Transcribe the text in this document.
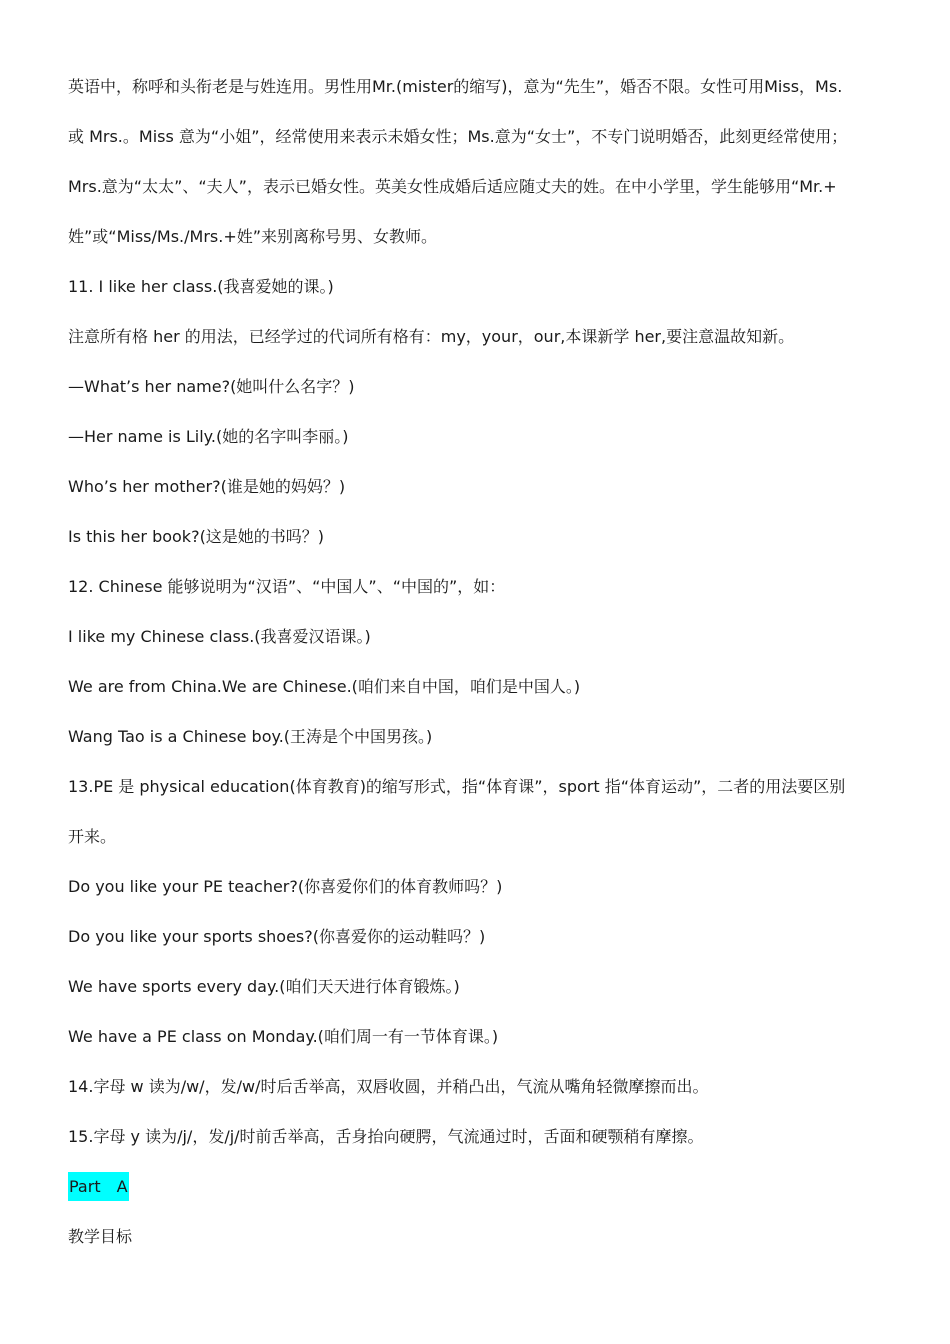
英语中，称呼和头衔老是与姓连用。男性用Mr.(mister的缩写)，意为“先生”，婚否不限。女性可用Miss，Ms.
或 Mrs.。Miss 意为“小姐”，经常使用来表示未婚女性；Ms.意为“女士”，不专门说明婚否，此刻更经常使用；
Mrs.意为“太太”、“夫人”，表示已婚女性。英美女性成婚后适应随丈夫的姓。在中小学里，学生能够用“Mr.+
姓”或“Miss/Ms./Mrs.+姓”来别离称号男、女教师。
11. I like her class.(我喜爱她的课。)
注意所有格 her 的用法，已经学过的代词所有格有：my，your，our,本课新学 her,要注意温故知新。
—What’s her name?(她叫什么名字？)
—Her name is Lily.(她的名字叫李丽。)
Who’s her mother?(谁是她的妈妈？)
Is this her book?(这是她的书吗？)
12. Chinese 能够说明为“汉语”、“中国人”、“中国的”，如：
I like my Chinese class.(我喜爱汉语课。)
We are from China.We are Chinese.(咱们来自中国，咱们是中国人。)
Wang Tao is a Chinese boy.(王涛是个中国男孩。)
13.PE 是 physical education(体育教育)的缩写形式，指“体育课”，sport 指“体育运动”，二者的用法要区别
开来。
Do you like your PE teacher?(你喜爱你们的体育教师吗？)
Do you like your sports shoes?(你喜爱你的运动鞋吗？)
We have sports every day.(咱们天天进行体育锻炼。)
We have a PE class on Monday.(咱们周一有一节体育课。)
14.字母 w 读为/w/，发/w/时后舌举高，双唇收圆，并稍凸出，气流从嘴角轻微摩擦而出。
15.字母 y 读为/j/，发/j/时前舌举高，舌身抬向硬腭，气流通过时，舌面和硬颚稍有摩擦。
Part　A
教学目标
